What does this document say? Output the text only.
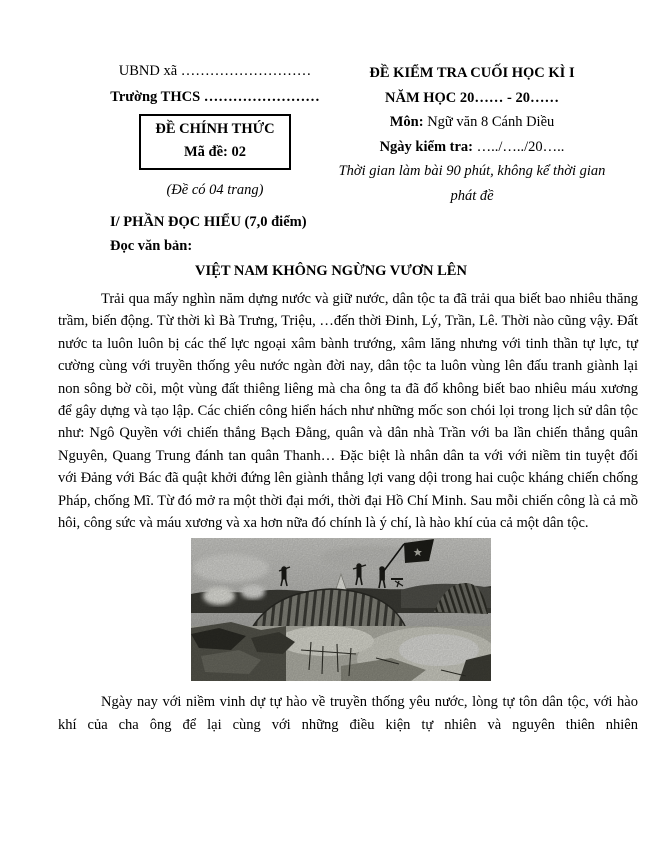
UBND xã ………………………
Trường THCS ……………………
ĐỀ CHÍNH THỨC
Mã đề: 02
(Đề có 04 trang)
ĐỀ KIỂM TRA CUỐI HỌC KÌ I
NĂM HỌC 20…… - 20……
Môn: Ngữ văn 8 Cánh Diều
Ngày kiểm tra: …../…../20…..
Thời gian làm bài 90 phút, không kể thời gian phát đề
I/ PHẦN ĐỌC HIỂU (7,0 điểm)
Đọc văn bản:
VIỆT NAM KHÔNG NGỪNG VƯƠN LÊN

Trải qua mấy nghìn năm dựng nước và giữ nước, dân tộc ta đã trải qua biết bao nhiêu thăng trầm, biến động. Từ thời kì Bà Trưng, Triệu, …đến thời Đinh, Lý, Trần, Lê. Thời nào cũng vậy. Đất nước ta luôn luôn bị các thế lực ngoại xâm bành trướng, xâm lăng nhưng với tinh thần tự lực, tự cường cùng với truyền thống yêu nước ngàn đời nay, dân tộc ta luôn vùng lên đấu tranh giành lại non sông bờ cõi, một vùng đất thiêng liêng mà cha ông ta đã đổ không biết bao nhiêu máu xương để gây dựng và tạo lập. Các chiến công hiển hách như những mốc son chói lọi trong lịch sử dân tộc như: Ngô Quyền với chiến thắng Bạch Đằng, quân và dân nhà Trần với ba lần chiến thắng quân Nguyên, Quang Trung đánh tan quân Thanh… Đặc biệt là nhân dân ta với với niềm tin tuyệt đối với Đảng với Bác đã quật khởi đứng lên giành thắng lợi vang dội trong hai cuộc kháng chiến chống Pháp, chống Mĩ. Từ đó mở ra một thời đại mới, thời đại Hồ Chí Minh. Sau mỗi chiến công là cả mồ hôi, công sức và máu xương và xa hơn nữa đó chính là ý chí, là hào khí của cả một dân tộc.

Ngày nay với niềm vinh dự tự hào về truyền thống yêu nước, lòng tự tôn dân tộc, với hào khí của cha ông để lại cùng với những điều kiện tự nhiên và nguyên thiên nhiên
